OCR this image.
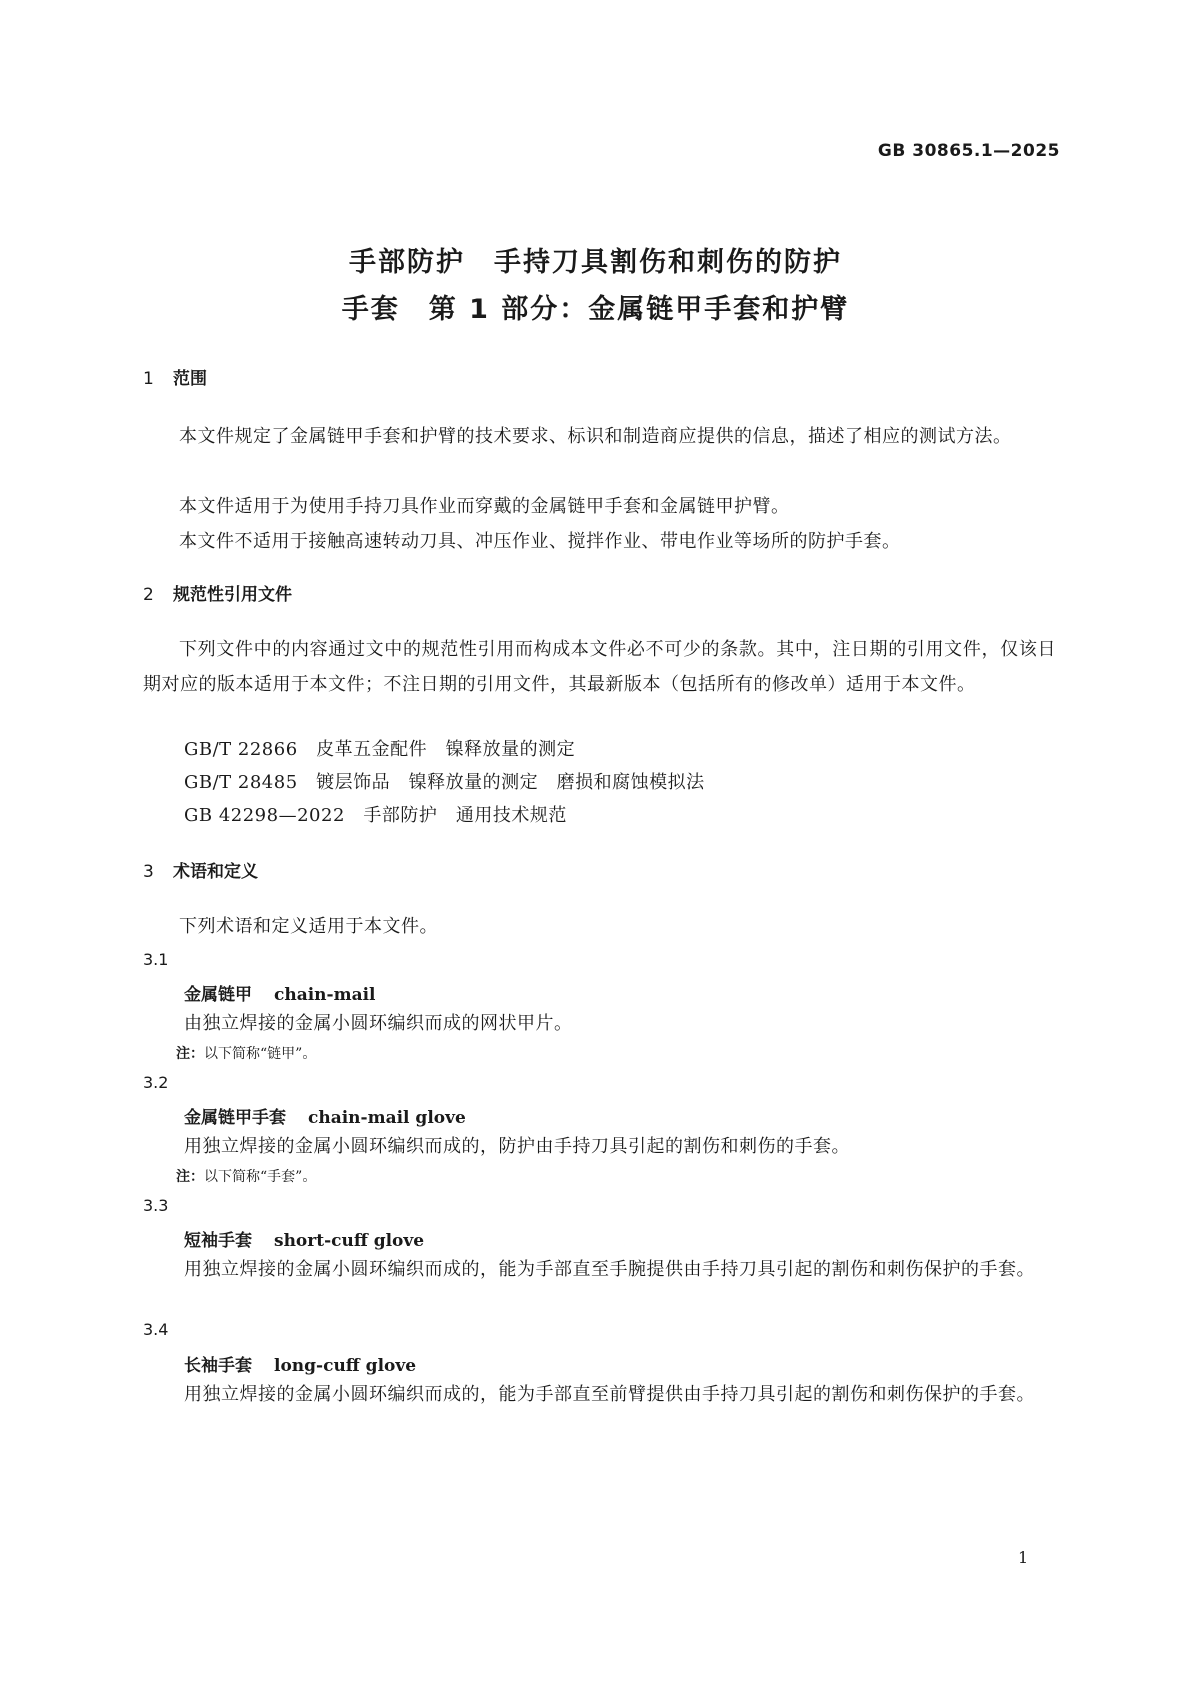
GB 30865.1—2025
手部防护　手持刀具割伤和刺伤的防护
手套　第 1 部分：金属链甲手套和护臂
1 范围
本文件规定了金属链甲手套和护臂的技术要求、标识和制造商应提供的信息，描述了相应的测试方法。
本文件适用于为使用手持刀具作业而穿戴的金属链甲手套和金属链甲护臂。
本文件不适用于接触高速转动刀具、冲压作业、搅拌作业、带电作业等场所的防护手套。
2 规范性引用文件
下列文件中的内容通过文中的规范性引用而构成本文件必不可少的条款。其中，注日期的引用文件，仅该日期对应的版本适用于本文件；不注日期的引用文件，其最新版本（包括所有的修改单）适用于本文件。
GB/T 22866　皮革五金配件　镍释放量的测定
GB/T 28485　镀层饰品　镍释放量的测定　磨损和腐蚀模拟法
GB 42298—2022　手部防护　通用技术规范
3 术语和定义
下列术语和定义适用于本文件。
3.1
金属链甲 chain-mail
由独立焊接的金属小圆环编织而成的网状甲片。
注：以下简称“链甲”。
3.2
金属链甲手套 chain-mail glove
用独立焊接的金属小圆环编织而成的，防护由手持刀具引起的割伤和刺伤的手套。
注：以下简称“手套”。
3.3
短袖手套 short-cuff glove
用独立焊接的金属小圆环编织而成的，能为手部直至手腕提供由手持刀具引起的割伤和刺伤保护的手套。
3.4
长袖手套 long-cuff glove
用独立焊接的金属小圆环编织而成的，能为手部直至前臂提供由手持刀具引起的割伤和刺伤保护的手套。
1
